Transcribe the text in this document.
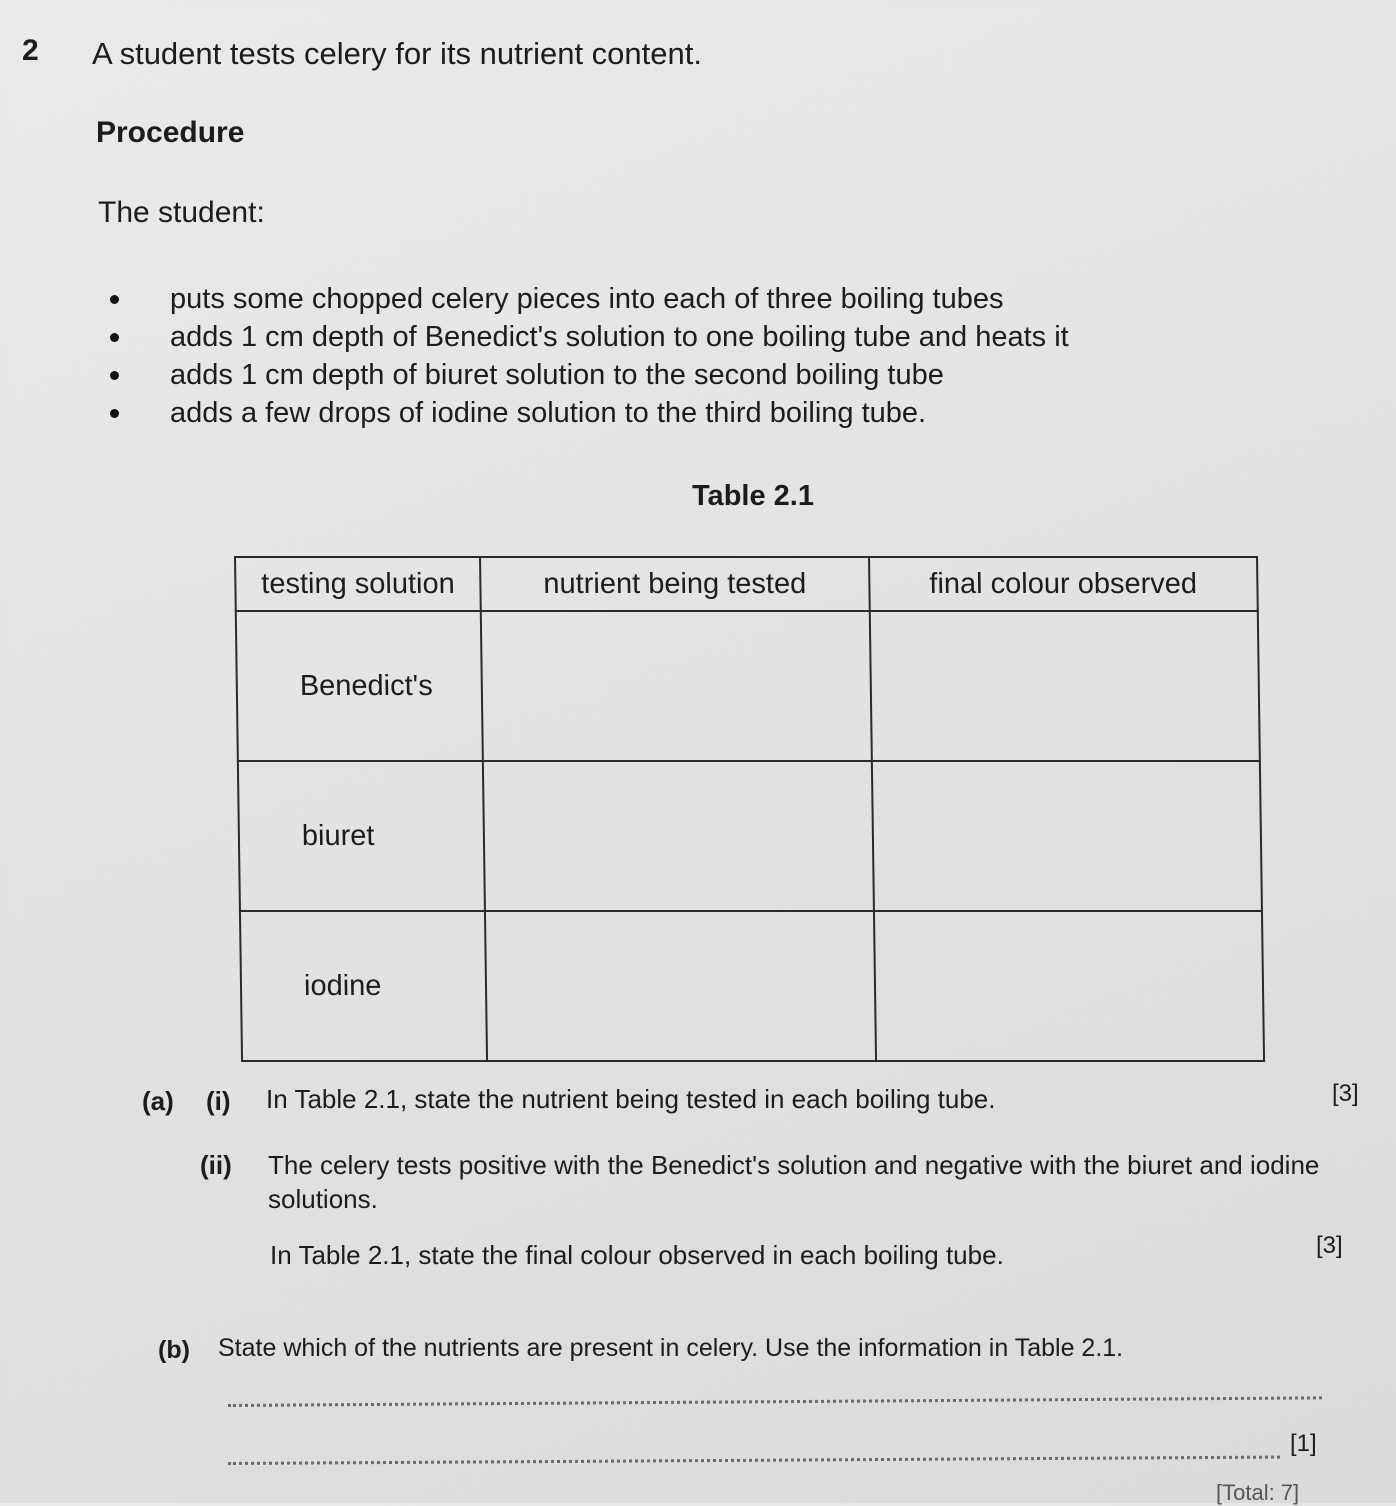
2 A student tests celery for its nutrient content.
Procedure
The student:
puts some chopped celery pieces into each of three boiling tubes
adds 1 cm depth of Benedict's solution to one boiling tube and heats it
adds 1 cm depth of biuret solution to the second boiling tube
adds a few drops of iodine solution to the third boiling tube.
Table 2.1
testing solution	nutrient being tested	final colour observed
Benedict's		
biuret		
iodine		
(a) (i) In Table 2.1, state the nutrient being tested in each boiling tube.	[3]
(ii) The celery tests positive with the Benedict's solution and negative with the biuret and iodine solutions.
In Table 2.1, state the final colour observed in each boiling tube.	[3]
(b) State which of the nutrients are present in celery. Use the information in Table 2.1.
[1]
[Total: 7]
